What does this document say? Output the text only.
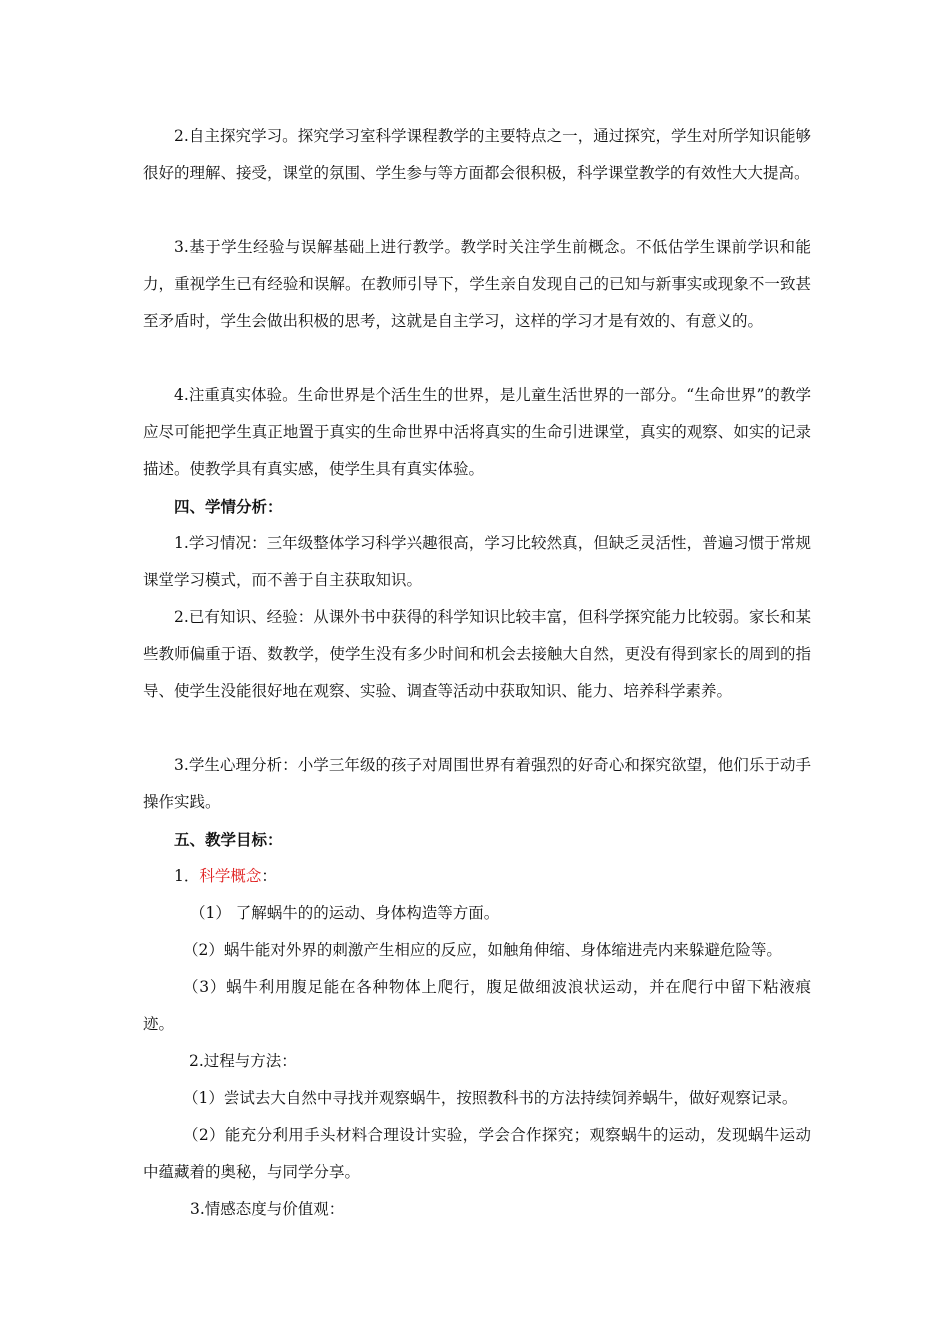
2.自主探究学习。探究学习室科学课程教学的主要特点之一，通过探究，学生对所学知识能够很好的理解、接受，课堂的氛围、学生参与等方面都会很积极，科学课堂教学的有效性大大提高。

3.基于学生经验与误解基础上进行教学。教学时关注学生前概念。不低估学生课前学识和能力，重视学生已有经验和误解。在教师引导下，学生亲自发现自己的已知与新事实或现象不一致甚至矛盾时，学生会做出积极的思考，这就是自主学习，这样的学习才是有效的、有意义的。

4.注重真实体验。生命世界是个活生生的世界，是儿童生活世界的一部分。“生命世界”的教学应尽可能把学生真正地置于真实的生命世界中活将真实的生命引进课堂，真实的观察、如实的记录描述。使教学具有真实感，使学生具有真实体验。

四、学情分析：

1.学习情况：三年级整体学习科学兴趣很高，学习比较然真，但缺乏灵活性，普遍习惯于常规课堂学习模式，而不善于自主获取知识。

2.已有知识、经验：从课外书中获得的科学知识比较丰富，但科学探究能力比较弱。家长和某些教师偏重于语、数教学，使学生没有多少时间和机会去接触大自然，更没有得到家长的周到的指导、使学生没能很好地在观察、实验、调查等活动中获取知识、能力、培养科学素养。

3.学生心理分析：小学三年级的孩子对周围世界有着强烈的好奇心和探究欲望，他们乐于动手操作实践。

五、教学目标：

1．科学概念：

（1） 了解蜗牛的的运动、身体构造等方面。

（2）蜗牛能对外界的刺激产生相应的反应，如触角伸缩、身体缩进壳内来躲避危险等。

（3）蜗牛利用腹足能在各种物体上爬行，腹足做细波浪状运动，并在爬行中留下粘液痕迹。

2.过程与方法：

（1）尝试去大自然中寻找并观察蜗牛，按照教科书的方法持续饲养蜗牛，做好观察记录。

（2）能充分利用手头材料合理设计实验，学会合作探究；观察蜗牛的运动，发现蜗牛运动中蕴藏着的奥秘，与同学分享。

3.情感态度与价值观：
